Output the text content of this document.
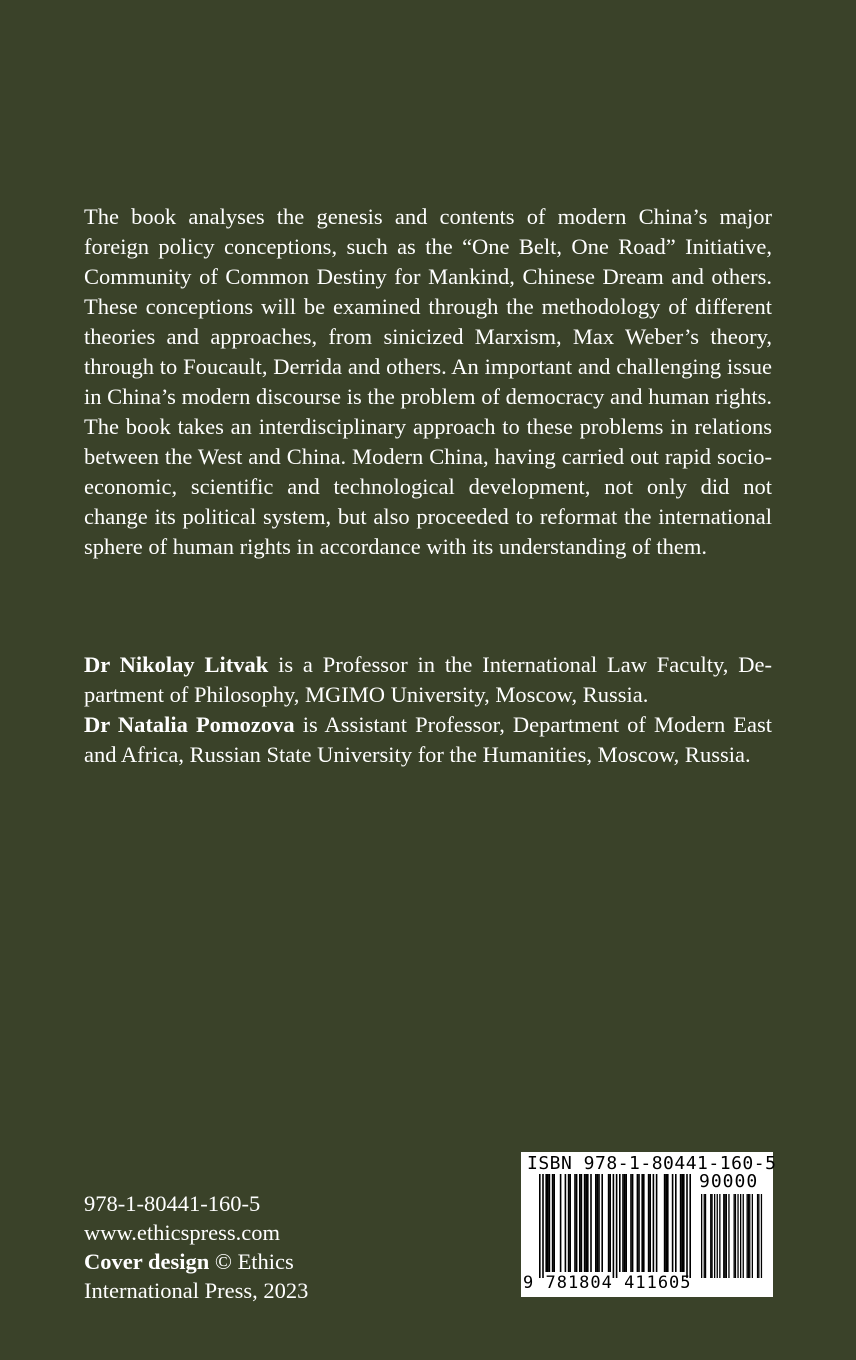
The book analyses the genesis and contents of modern China’s major foreign policy conceptions, such as the “One Belt, One Road” Initiative, Community of Common Destiny for Mankind, Chinese Dream and others. These conceptions will be examined through the methodology of different theories and approaches, from sinicized Marxism, Max Weber’s theory, through to Foucault, Derrida and others. An important and challenging issue in China’s modern discourse is the problem of democracy and human rights. The book takes an interdisciplinary approach to these problems in relations between the West and China. Modern China, having carried out rapid socio-economic, scientific and technological development, not only did not change its political system, but also proceeded to reformat the international sphere of human rights in accordance with its understanding of them.

Dr Nikolay Litvak is a Professor in the International Law Faculty, Department of Philosophy, MGIMO University, Moscow, Russia.

Dr Natalia Pomozova is Assistant Professor, Department of Modern East and Africa, Russian State University for the Humanities, Moscow, Russia.

978-1-80441-160-5
www.ethicspress.com
Cover design © Ethics
International Press, 2023
ISBN 978-1-80441-160-5
90000
9 781804 411605
